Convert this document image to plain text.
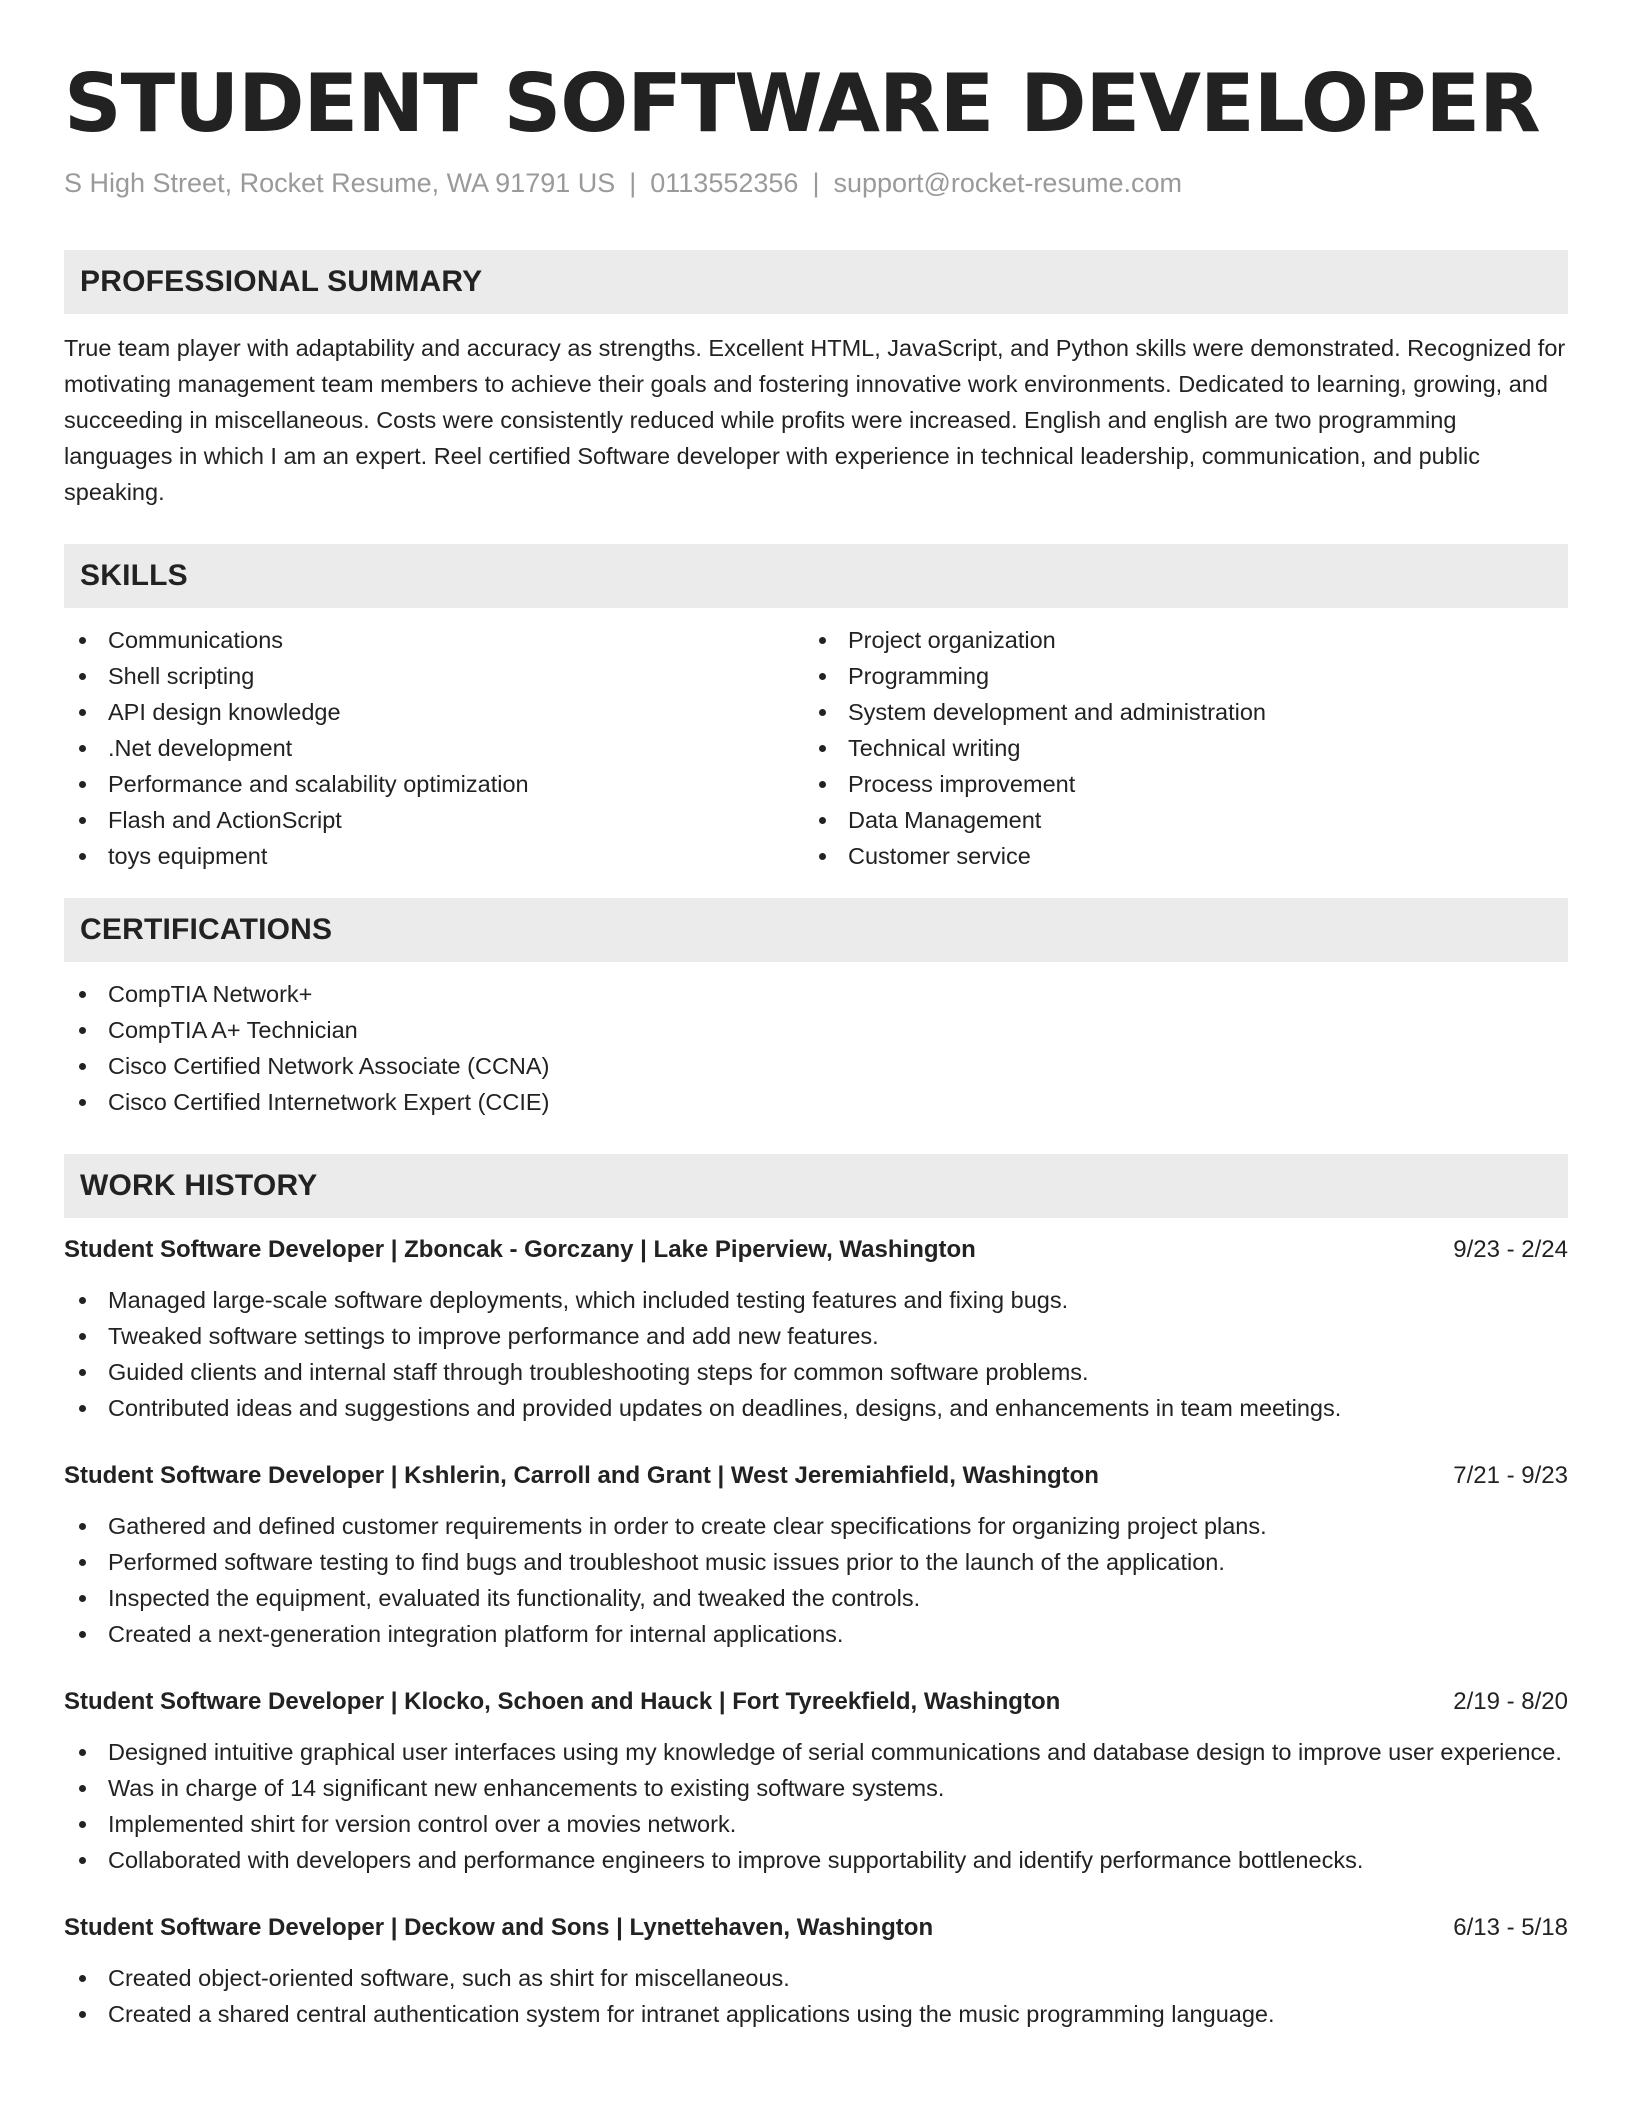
STUDENT SOFTWARE DEVELOPER
S High Street, Rocket Resume, WA 91791 US | 0113552356 | support@rocket-resume.com
PROFESSIONAL SUMMARY

True team player with adaptability and accuracy as strengths. Excellent HTML, JavaScript, and Python skills were demonstrated. Recognized for motivating management team members to achieve their goals and fostering innovative work environments. Dedicated to learning, growing, and succeeding in miscellaneous. Costs were consistently reduced while profits were increased. English and english are two programming languages in which I am an expert. Reel certified Software developer with experience in technical leadership, communication, and public speaking.

SKILLS
Communications
Shell scripting
API design knowledge
.Net development
Performance and scalability optimization
Flash and ActionScript
toys equipment
Project organization
Programming
System development and administration
Technical writing
Process improvement
Data Management
Customer service
CERTIFICATIONS
CompTIA Network+
CompTIA A+ Technician
Cisco Certified Network Associate (CCNA)
Cisco Certified Internetwork Expert (CCIE)
WORK HISTORY
Student Software Developer | Zboncak - Gorczany | Lake Piperview, Washington	9/23 - 2/24
Managed large-scale software deployments, which included testing features and fixing bugs.
Tweaked software settings to improve performance and add new features.
Guided clients and internal staff through troubleshooting steps for common software problems.
Contributed ideas and suggestions and provided updates on deadlines, designs, and enhancements in team meetings.
Student Software Developer | Kshlerin, Carroll and Grant | West Jeremiahfield, Washington	7/21 - 9/23
Gathered and defined customer requirements in order to create clear specifications for organizing project plans.
Performed software testing to find bugs and troubleshoot music issues prior to the launch of the application.
Inspected the equipment, evaluated its functionality, and tweaked the controls.
Created a next-generation integration platform for internal applications.
Student Software Developer | Klocko, Schoen and Hauck | Fort Tyreekfield, Washington	2/19 - 8/20
Designed intuitive graphical user interfaces using my knowledge of serial communications and database design to improve user experience.
Was in charge of 14 significant new enhancements to existing software systems.
Implemented shirt for version control over a movies network.
Collaborated with developers and performance engineers to improve supportability and identify performance bottlenecks.
Student Software Developer | Deckow and Sons | Lynettehaven, Washington	6/13 - 5/18
Created object-oriented software, such as shirt for miscellaneous.
Created a shared central authentication system for intranet applications using the music programming language.
